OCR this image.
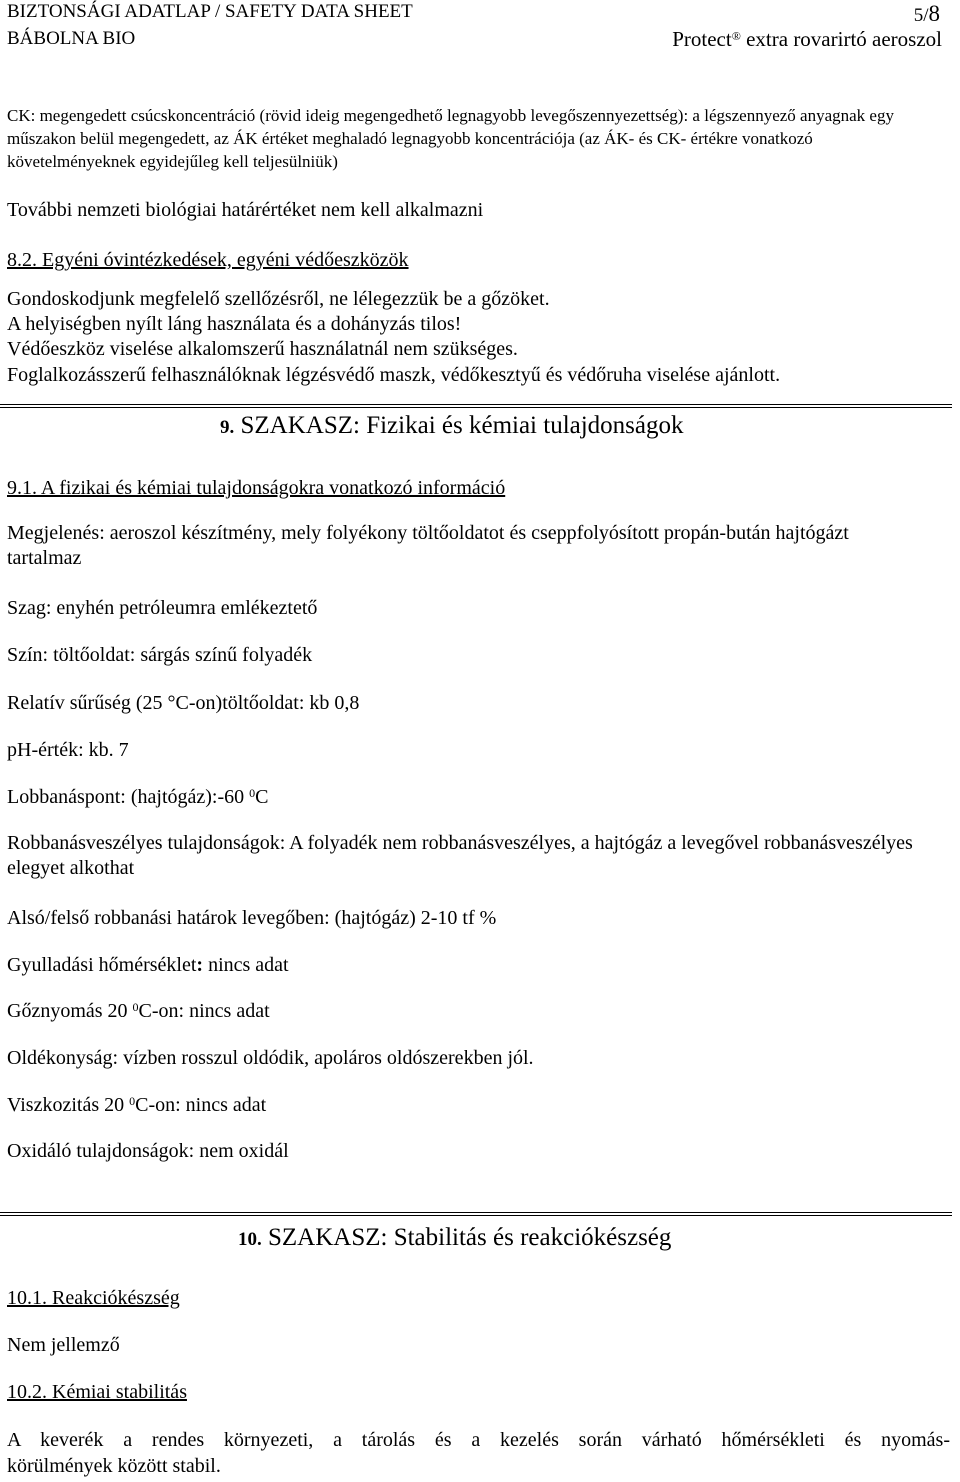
BIZTONSÁGI ADATLAP / SAFETY DATA SHEET
BÁBOLNA BIO
5/8
Protect® extra rovarirtó aeroszol
CK: megengedett csúcskoncentráció (rövid ideig megengedhető legnagyobb levegőszennyezettség): a légszennyező anyagnak egy műszakon belül megengedett, az ÁK értéket meghaladó legnagyobb koncentrációja (az ÁK- és CK- értékre vonatkozó követelményeknek egyidejűleg kell teljesülniük)
További nemzeti biológiai határértéket nem kell alkalmazni
8.2. Egyéni óvintézkedések, egyéni védőeszközök
Gondoskodjunk megfelelő szellőzésről, ne lélegezzük be a gőzöket.
A helyiségben nyílt láng használata és a dohányzás tilos!
Védőeszköz viselése alkalomszerű használatnál nem szükséges.
Foglalkozásszerű felhasználóknak légzésvédő maszk, védőkesztyű és védőruha viselése ajánlott.
9. SZAKASZ: Fizikai és kémiai tulajdonságok
9.1. A fizikai és kémiai tulajdonságokra vonatkozó információ
Megjelenés: aeroszol készítmény, mely folyékony töltőoldatot és cseppfolyósított propán-bután hajtógázt tartalmaz
Szag: enyhén petróleumra emlékeztető
Szín: töltőoldat: sárgás színű folyadék
Relatív sűrűség (25 °C-on)töltőoldat: kb 0,8
pH-érték: kb. 7
Lobbanáspont: (hajtógáz):-60 $^0$C
Robbanásveszélyes tulajdonságok: A folyadék nem robbanásveszélyes, a hajtógáz a levegővel robbanásveszélyes elegyet alkothat
Alsó/felső robbanási határok levegőben: (hajtógáz) 2-10 tf %
Gyulladási hőmérséklet: nincs adat
Gőznyomás 20 $^0$C-on: nincs adat
Oldékonyság: vízben rosszul oldódik, apoláros oldószerekben jól.
Viszkozitás 20 $^0$C-on: nincs adat
Oxidáló tulajdonságok: nem oxidál
10. SZAKASZ: Stabilitás és reakciókészség
10.1. Reakciókészség
Nem jellemző
10.2. Kémiai stabilitás
A keverék a rendes környezeti, a tárolás és a kezelés során várható hőmérsékleti és nyomás-
körülmények között stabil.
